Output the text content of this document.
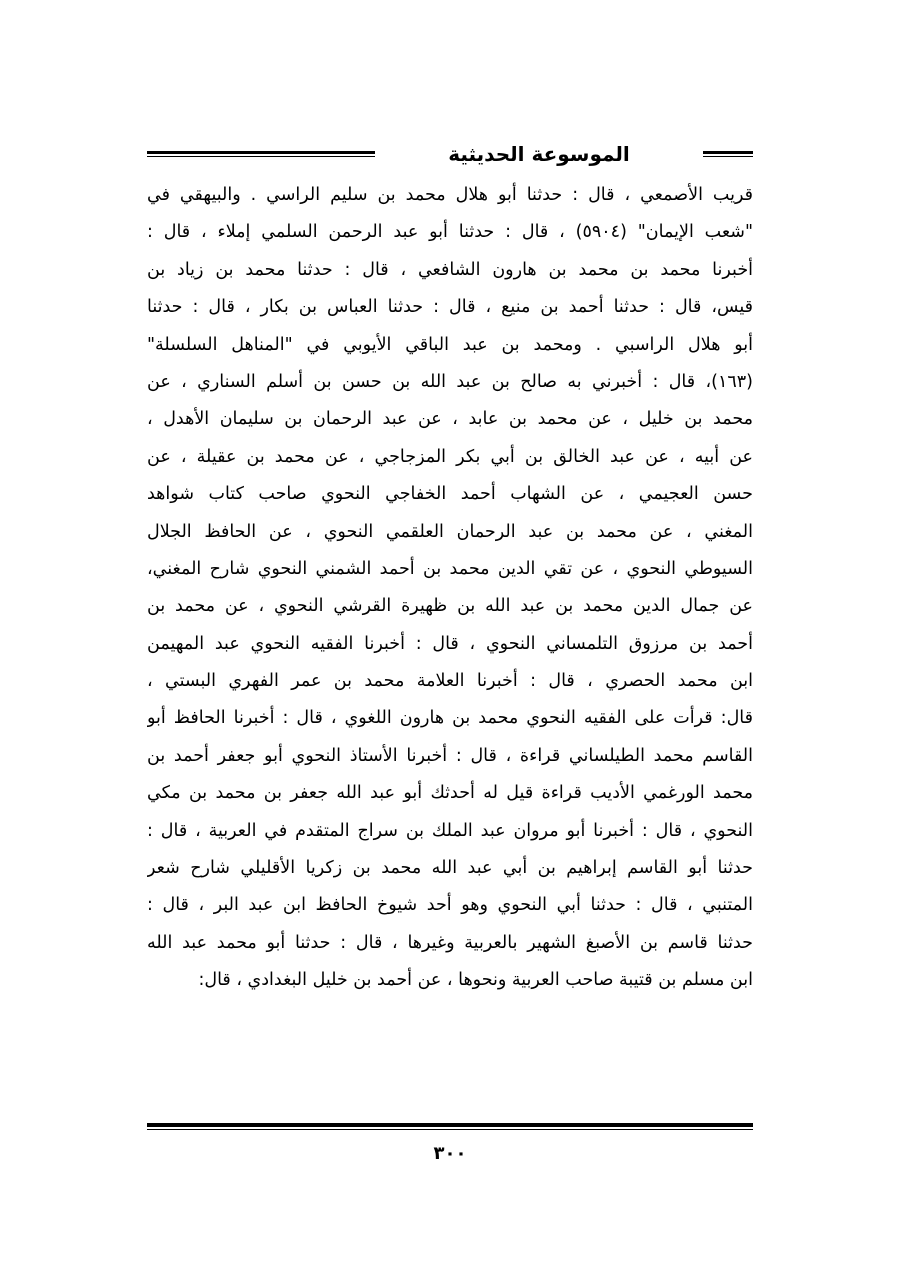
الموسوعة الحديثية
قريب الأصمعي ، قال : حدثنا أبو هلال محمد بن سليم الراسي . والبيهقي في
"شعب الإيمان" (٥٩٠٤) ، قال : حدثنا أبو عبد الرحمن السلمي إملاء ، قال :
أخبرنا محمد بن محمد بن هارون الشافعي ، قال : حدثنا محمد بن زياد بن
قيس، قال : حدثنا أحمد بن منيع ، قال : حدثنا العباس بن بكار ، قال : حدثنا
أبو هلال الراسبي . ومحمد بن عبد الباقي الأيوبي في "المناهل السلسلة"
(١٦٣)، قال : أخبرني به صالح بن عبد الله بن حسن بن أسلم السناري ، عن
محمد بن خليل ، عن محمد بن عابد ، عن عبد الرحمان بن سليمان الأهدل ،
عن أبيه ، عن عبد الخالق بن أبي بكر المزجاجي ، عن محمد بن عقيلة ، عن
حسن العجيمي ، عن الشهاب أحمد الخفاجي النحوي صاحب كتاب شواهد
المغني ، عن محمد بن عبد الرحمان العلقمي النحوي ، عن الحافظ الجلال
السيوطي النحوي ، عن تقي الدين محمد بن أحمد الشمني النحوي شارح المغني،
عن جمال الدين محمد بن عبد الله بن ظهيرة القرشي النحوي ، عن محمد بن
أحمد بن مرزوق التلمساني النحوي ، قال : أخبرنا الفقيه النحوي عبد المهيمن
ابن محمد الحصري ، قال : أخبرنا العلامة محمد بن عمر الفهري البستي ،
قال: قرأت على الفقيه النحوي محمد بن هارون اللغوي ، قال : أخبرنا الحافظ أبو
القاسم محمد الطيلساني قراءة ، قال : أخبرنا الأستاذ النحوي أبو جعفر أحمد بن
محمد الورغمي الأديب قراءة قيل له أحدثك أبو عبد الله جعفر بن محمد بن مكي
النحوي ، قال : أخبرنا أبو مروان عبد الملك بن سراج المتقدم في العربية ، قال :
حدثنا أبو القاسم إبراهيم بن أبي عبد الله محمد بن زكريا الأقليلي شارح شعر
المتنبي ، قال : حدثنا أبي النحوي وهو أحد شيوخ الحافظ ابن عبد البر ، قال :
حدثنا قاسم بن الأصبغ الشهير بالعربية وغيرها ، قال : حدثنا أبو محمد عبد الله
ابن مسلم بن قتيبة صاحب العربية ونحوها ، عن أحمد بن خليل البغدادي ، قال:
٣٠٠
